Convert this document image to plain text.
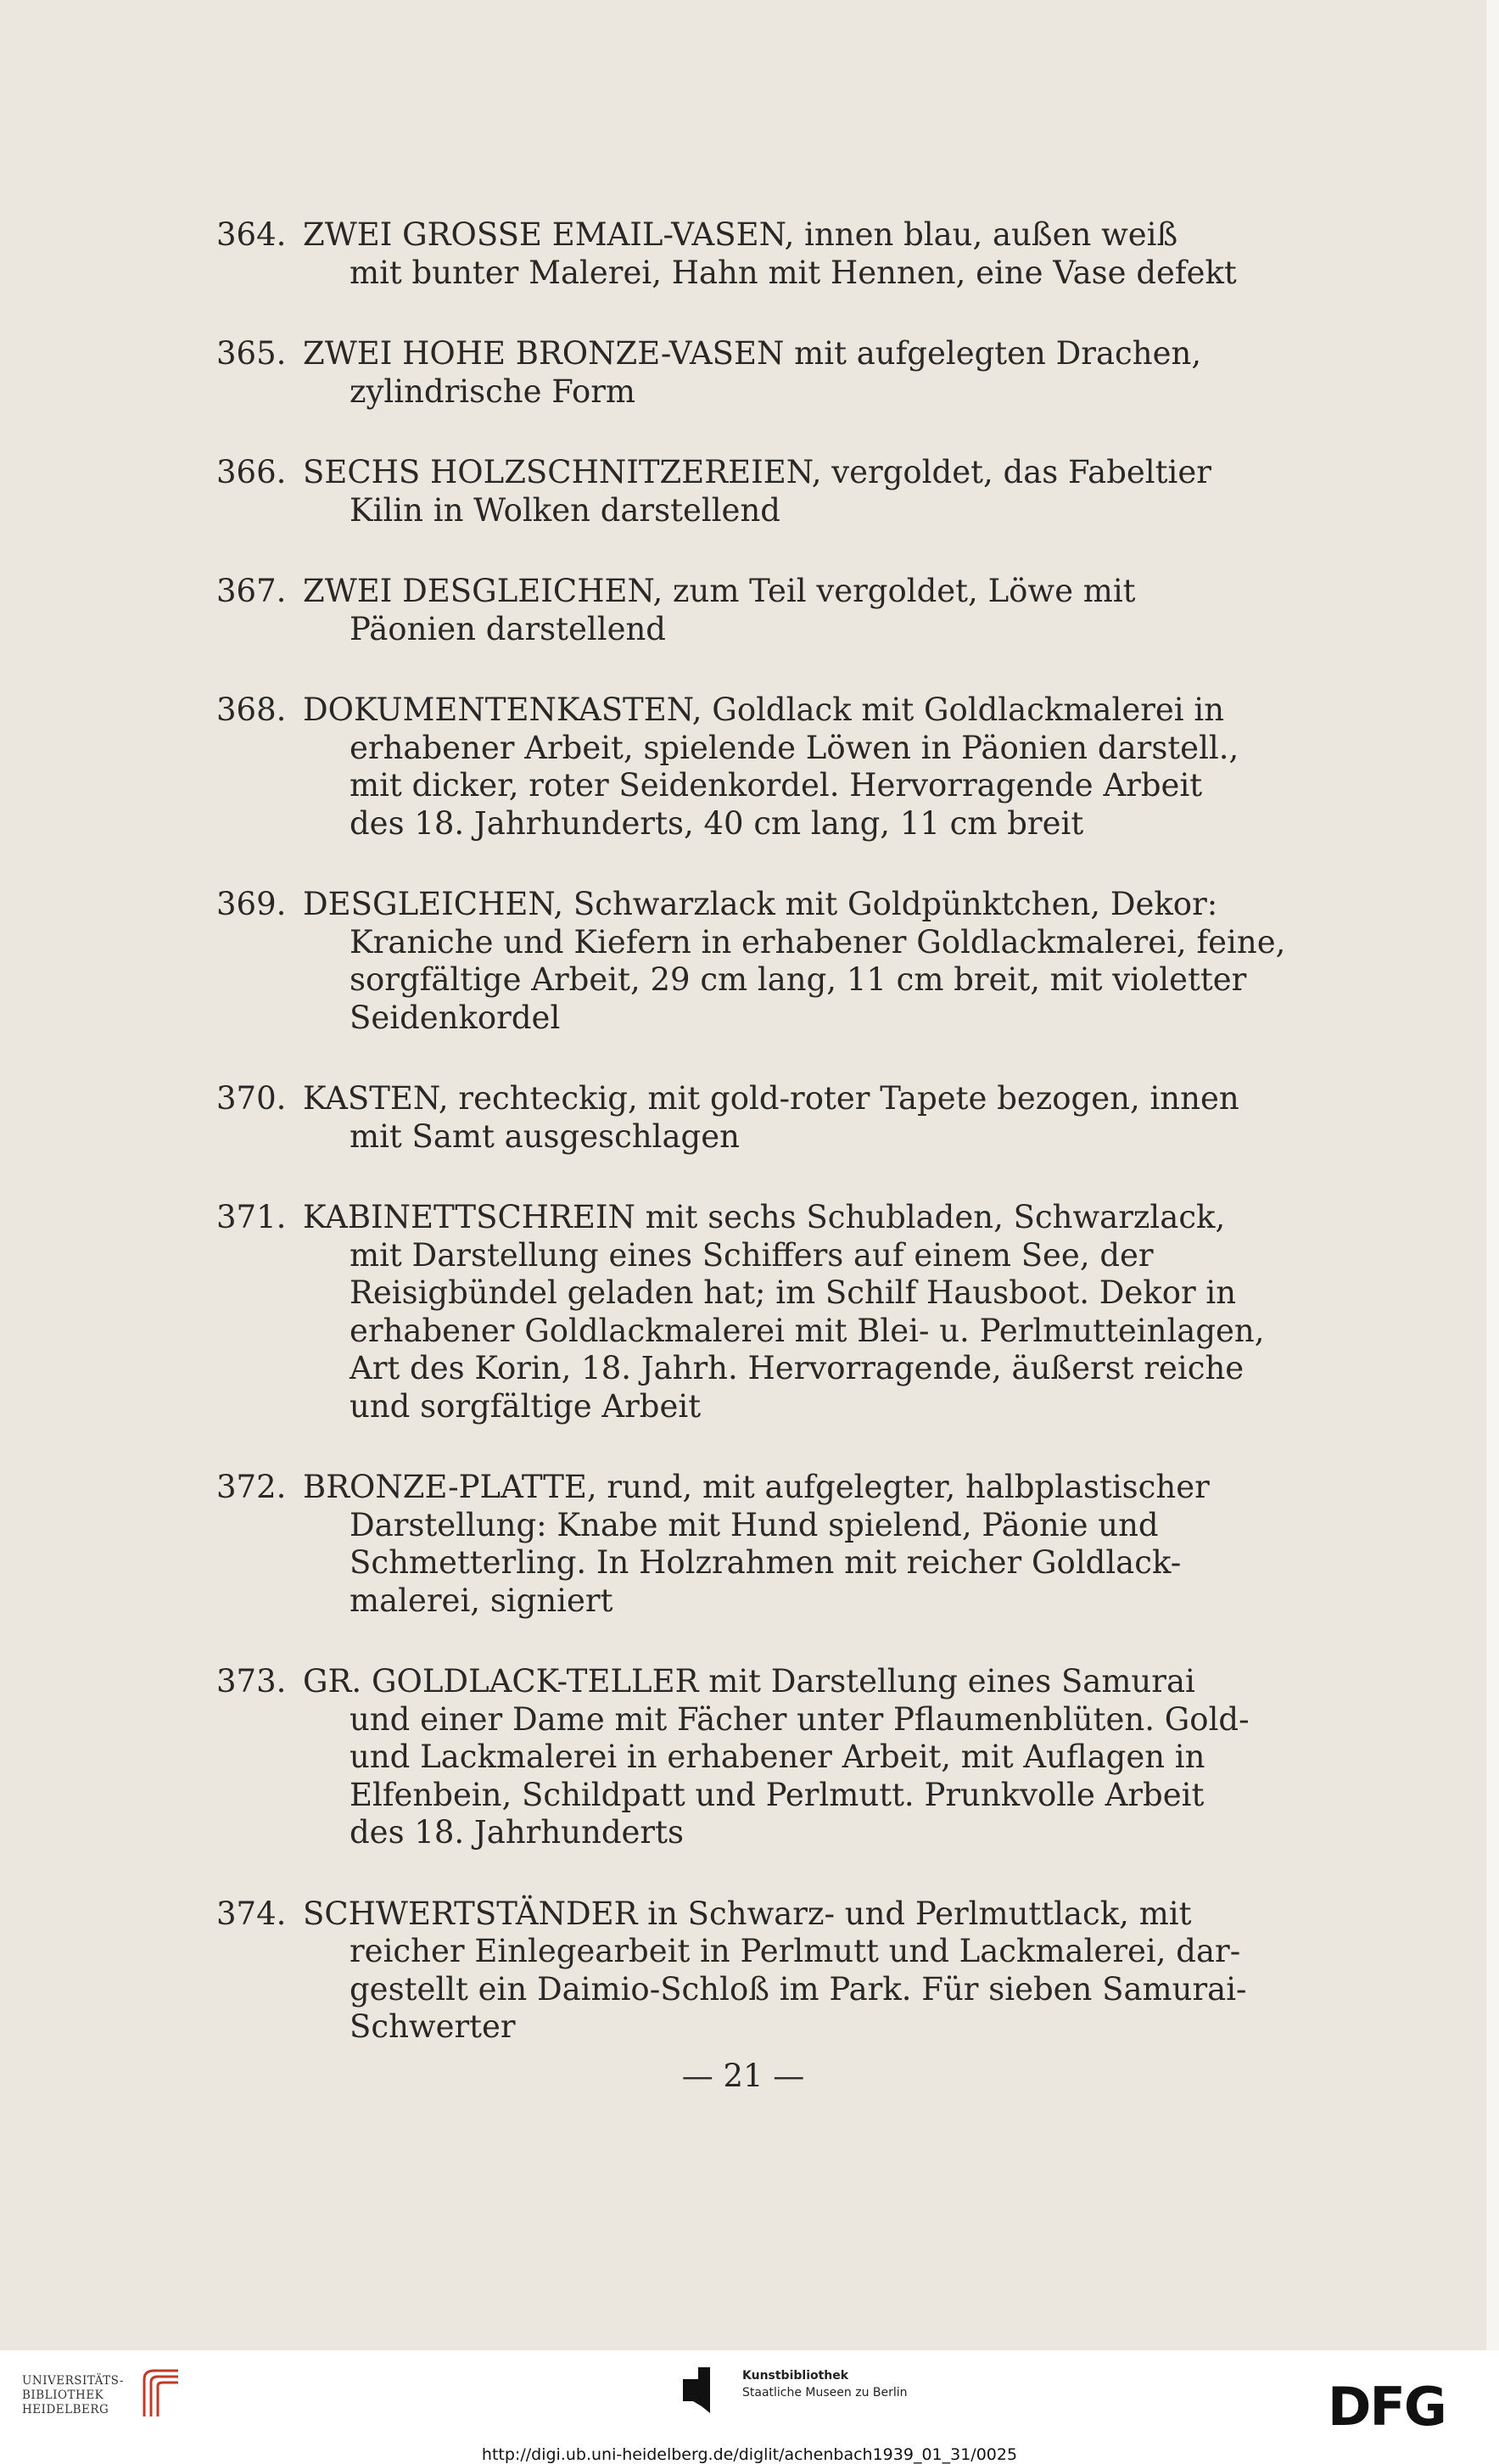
364. ZWEI GROSSE EMAIL-VASEN, innen blau, außen weiß
mit bunter Malerei, Hahn mit Hennen, eine Vase defekt
365. ZWEI HOHE BRONZE-VASEN mit aufgelegten Drachen,
zylindrische Form
366. SECHS HOLZSCHNITZEREIEN, vergoldet, das Fabeltier
Kilin in Wolken darstellend
367. ZWEI DESGLEICHEN, zum Teil vergoldet, Löwe mit
Päonien darstellend
368. DOKUMENTENKASTEN, Goldlack mit Goldlackmalerei in
erhabener Arbeit, spielende Löwen in Päonien darstell.,
mit dicker, roter Seidenkordel. Hervorragende Arbeit
des 18. Jahrhunderts, 40 cm lang, 11 cm breit
369. DESGLEICHEN, Schwarzlack mit Goldpünktchen, Dekor:
Kraniche und Kiefern in erhabener Goldlackmalerei, feine,
sorgfältige Arbeit, 29 cm lang, 11 cm breit, mit violetter
Seidenkordel
370. KASTEN, rechteckig, mit gold-roter Tapete bezogen, innen
mit Samt ausgeschlagen
371. KABINETTSCHREIN mit sechs Schubladen, Schwarzlack,
mit Darstellung eines Schiffers auf einem See, der
Reisigbündel geladen hat; im Schilf Hausboot. Dekor in
erhabener Goldlackmalerei mit Blei- u. Perlmutteinlagen,
Art des Korin, 18. Jahrh. Hervorragende, äußerst reiche
und sorgfältige Arbeit
372. BRONZE-PLATTE, rund, mit aufgelegter, halbplastischer
Darstellung: Knabe mit Hund spielend, Päonie und
Schmetterling. In Holzrahmen mit reicher Goldlack-
malerei, signiert
373. GR. GOLDLACK-TELLER mit Darstellung eines Samurai
und einer Dame mit Fächer unter Pflaumenblüten. Gold-
und Lackmalerei in erhabener Arbeit, mit Auflagen in
Elfenbein, Schildpatt und Perlmutt. Prunkvolle Arbeit
des 18. Jahrhunderts
374. SCHWERTSTÄNDER in Schwarz- und Perlmuttlack, mit
reicher Einlegearbeit in Perlmutt und Lackmalerei, dar-
gestellt ein Daimio-Schloß im Park. Für sieben Samurai-
Schwerter
— 21 —
UNIVERSITÄTS-
BIBLIOTHEK
HEIDELBERG
Kunstbibliothek
Staatliche Museen zu Berlin	DFG
http://digi.ub.uni-heidelberg.de/diglit/achenbach1939_01_31/0025
